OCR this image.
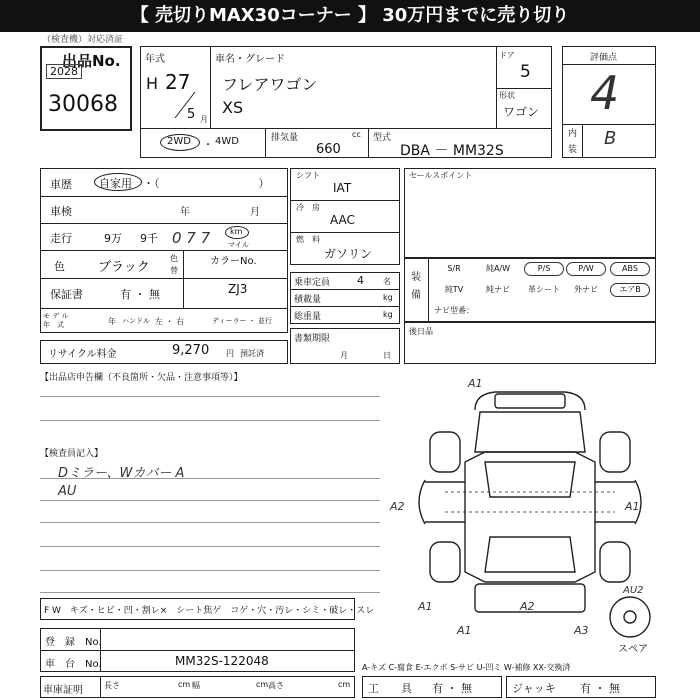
【 売切りMAX30コーナー 】 30万円までに売り切り
（検査機）対応済証
出品No.
2028
30068
年式
H 27
5 月
車名・グレード
フレアワゴン
XS
ドア
5
形状
ワゴン
2WD ・ 4WD	排気量	cc
660
型式
DBA － MM32S
評価点
4
内
装
B
車歴 自家用 ・（　　　　　　　　　）
車検	年	月
走行	9万 9千 0 7 7 km
マイル
色	ブラック
色
替
カラーNo.
ZJ3
保証書	有 ・ 無
モ デ ル
年　式	年 ハンドル 左 ・ 右	ディーラー ・ 並行
リサイクル料金	9,270 円 預託済
シフト
IAT
冷　房
AAC
燃　料
ガソリン
乗車定員 4 名
積載量	kg
総重量	kg
書類期限
月	日
セールスポイント
装
備
S/R	純A/W	P/S	P/W	ABS
純TV	純ナビ	革シート	外ナビ	エアB
ナビ型番：
後日品
【出品店申告欄（不良箇所・欠品・注意事項等）】
【検査員記入】
Dミラー、Wカバー A
AU
A1
A2	A1
AU2
A1
A1
A2
A3
スペア
F W　キズ・ヒビ・凹・割レ×　シート焦ゲ　コゲ・穴・汚レ・シミ・破レ・スレ
登　録　No.
車　台　No.	MM32S-122048
車庫証明	長さ	cm 幅	cm 高さ	cm
A-キズ C-腐食 E-エクボ S-サビ U-凹ミ W-補修 XX-交換済
工　　具 有 ・ 無	ジャッキ 有 ・ 無
